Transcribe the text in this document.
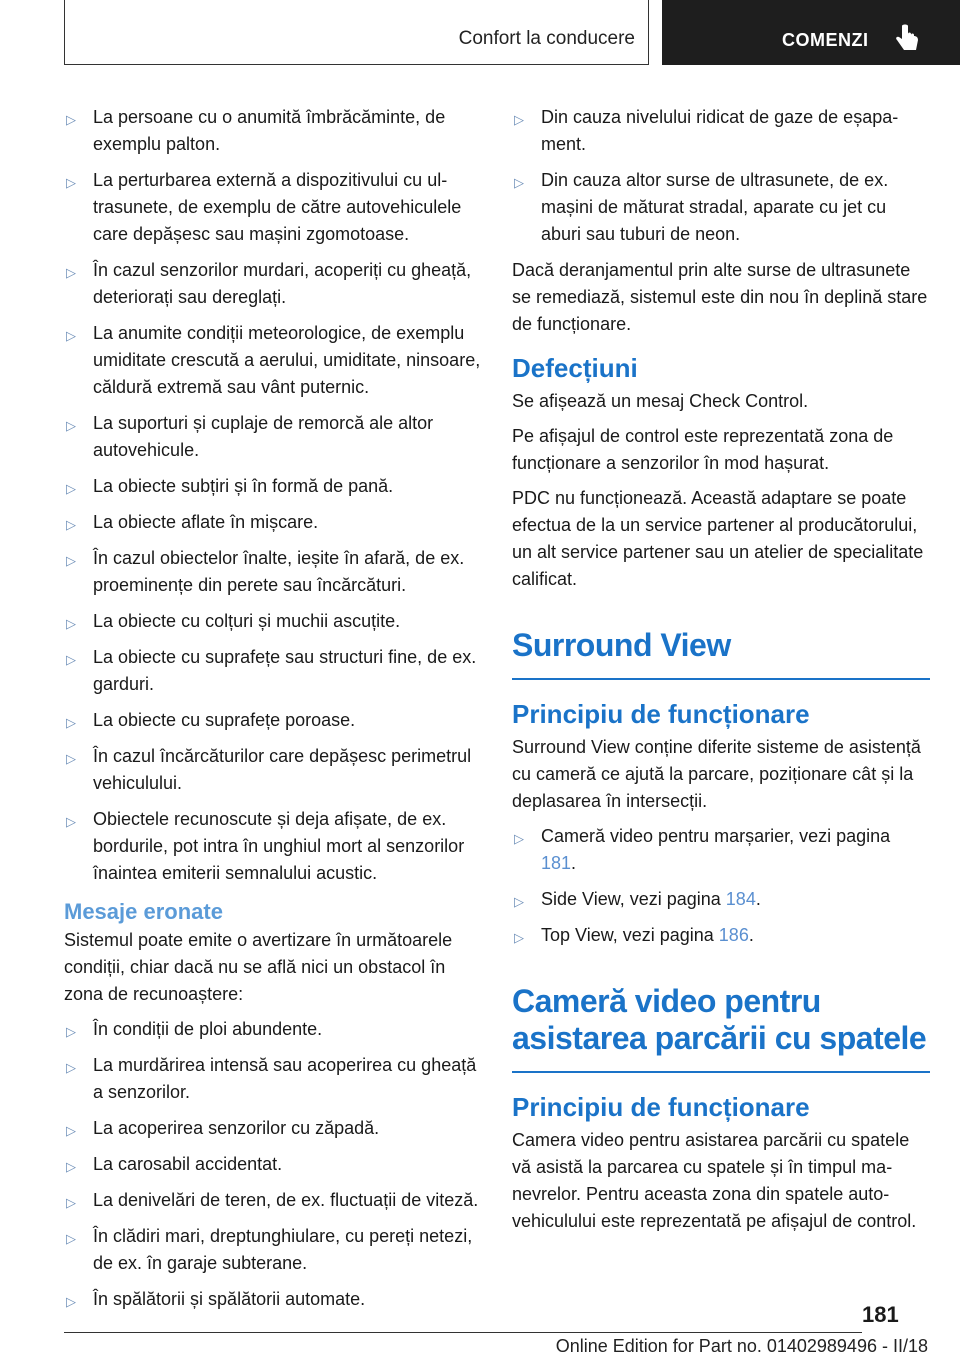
Confort la conducere	COMENZI
▷ La persoane cu o anumită îmbrăcăminte, de exemplu palton.
▷ La perturbarea externă a dispozitivului cu ultrasunete, de exemplu de către autovehiculele care depășesc sau mașini zgomotoase.
▷ În cazul senzorilor murdari, acoperiți cu gheață, deteriorați sau dereglați.
▷ La anumite condiții meteorologice, de exemplu umiditate crescută a aerului, umiditate, ninsoare, căldură extremă sau vânt puternic.
▷ La suporturi și cuplaje de remorcă ale altor autovehicule.
▷ La obiecte subțiri și în formă de pană.
▷ La obiecte aflate în mișcare.
▷ În cazul obiectelor înalte, ieșite în afară, de ex. proeminențe din perete sau încărcături.
▷ La obiecte cu colțuri și muchii ascuțite.
▷ La obiecte cu suprafețe sau structuri fine, de ex. garduri.
▷ La obiecte cu suprafețe poroase.
▷ În cazul încărcăturilor care depășesc perimetrul vehiculului.
▷ Obiectele recunoscute și deja afișate, de ex. bordurile, pot intra în unghiul mort al senzorilor înaintea emiterii semnalului acustic.
Mesaje eronate

Sistemul poate emite o avertizare în următoarele condiții, chiar dacă nu se află nici un obstacol în zona de recunoaștere:

▷ În condiții de ploi abundente.
▷ La murdărirea intensă sau acoperirea cu gheață a senzorilor.
▷ La acoperirea senzorilor cu zăpadă.
▷ La carosabil accidentat.
▷ La denivelări de teren, de ex. fluctuații de viteză.
▷ În clădiri mari, dreptunghiulare, cu pereți netezi, de ex. în garaje subterane.
▷ În spălătorii și spălătorii automate.
▷ Din cauza nivelului ridicat de gaze de eșapament.
▷ Din cauza altor surse de ultrasunete, de ex. mașini de măturat stradal, aparate cu jet cu aburi sau tuburi de neon.

Dacă deranjamentul prin alte surse de ultrasunete se remediază, sistemul este din nou în deplină stare de funcționare.

Defecțiuni

Se afișează un mesaj Check Control.

Pe afișajul de control este reprezentată zona de funcționare a senzorilor în mod hașurat.

PDC nu funcționează. Această adaptare se poate efectua de la un service partener al producătorului, un alt service partener sau un atelier de specialitate calificat.

Surround View
Principiu de funcționare

Surround View conține diferite sisteme de asistență cu cameră ce ajută la parcare, poziționare cât și la deplasarea în intersecții.

▷ Cameră video pentru marșarier, vezi pagina 181.
▷ Side View, vezi pagina 184.
▷ Top View, vezi pagina 186.
Cameră video pentru asistarea parcării cu spatele
Principiu de funcționare

Camera video pentru asistarea parcării cu spatele vă asistă la parcarea cu spatele și în timpul manevrelor. Pentru aceasta zona din spatele autovehiculului este reprezentată pe afișajul de control.

181
Online Edition for Part no. 01402989496 - II/18
